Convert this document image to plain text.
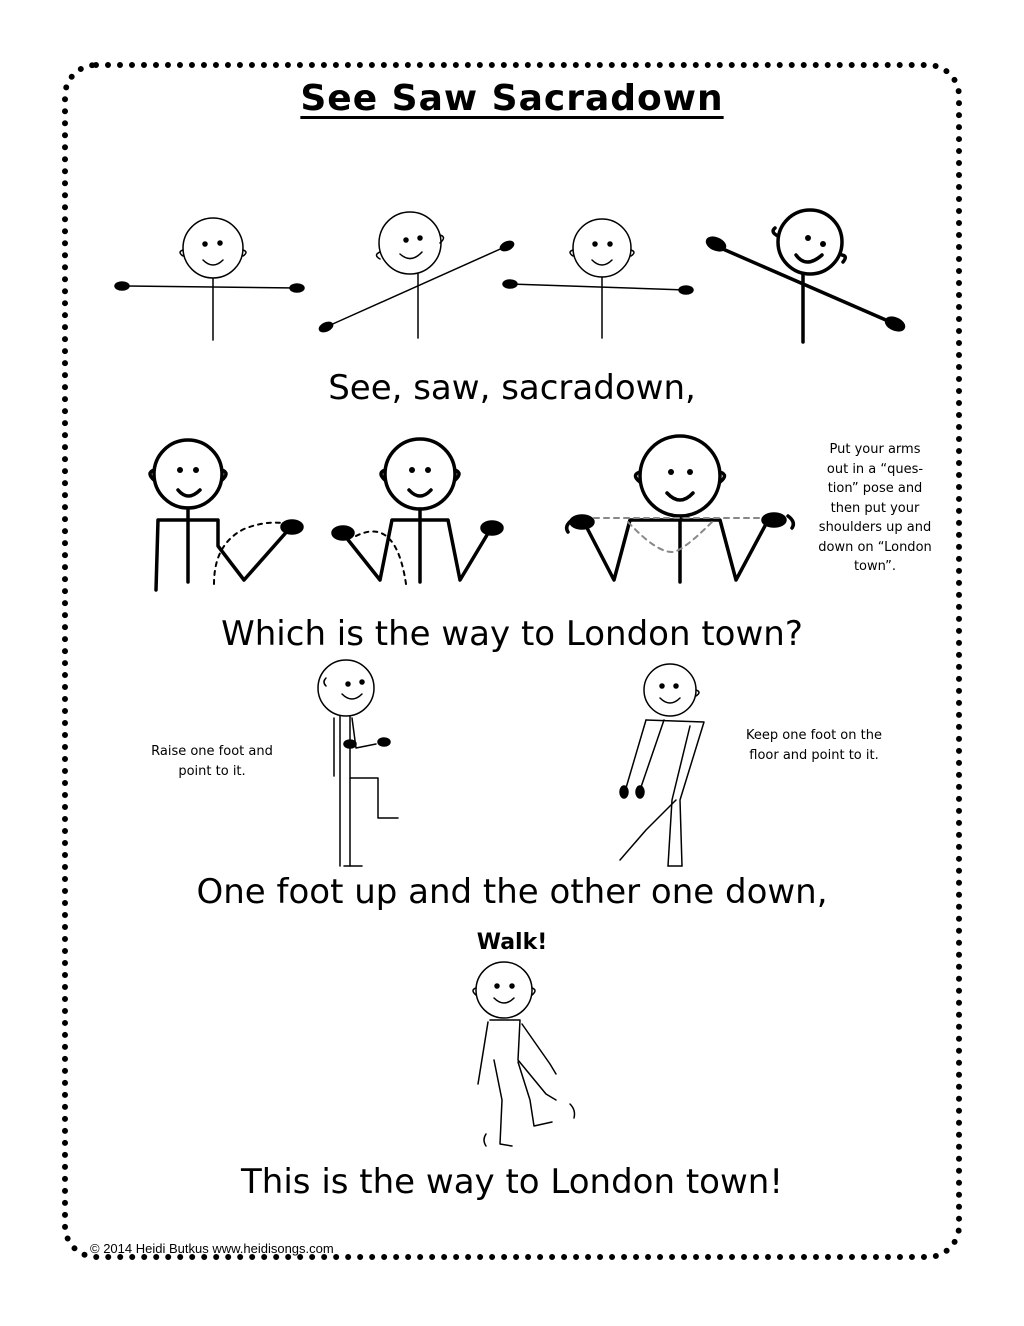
See Saw Sacradown
See, saw, sacradown,
Which is the way to London town?
One foot up and the other one down,
This is the way to London town!
Put your arms
out in a “ques-
tion” pose and
then put your
shoulders up and
down on “London
town”.
Raise one foot and
point to it.
Keep one foot on the
floor and point to it.
Walk!
© 2014 Heidi Butkus www.heidisongs.com
